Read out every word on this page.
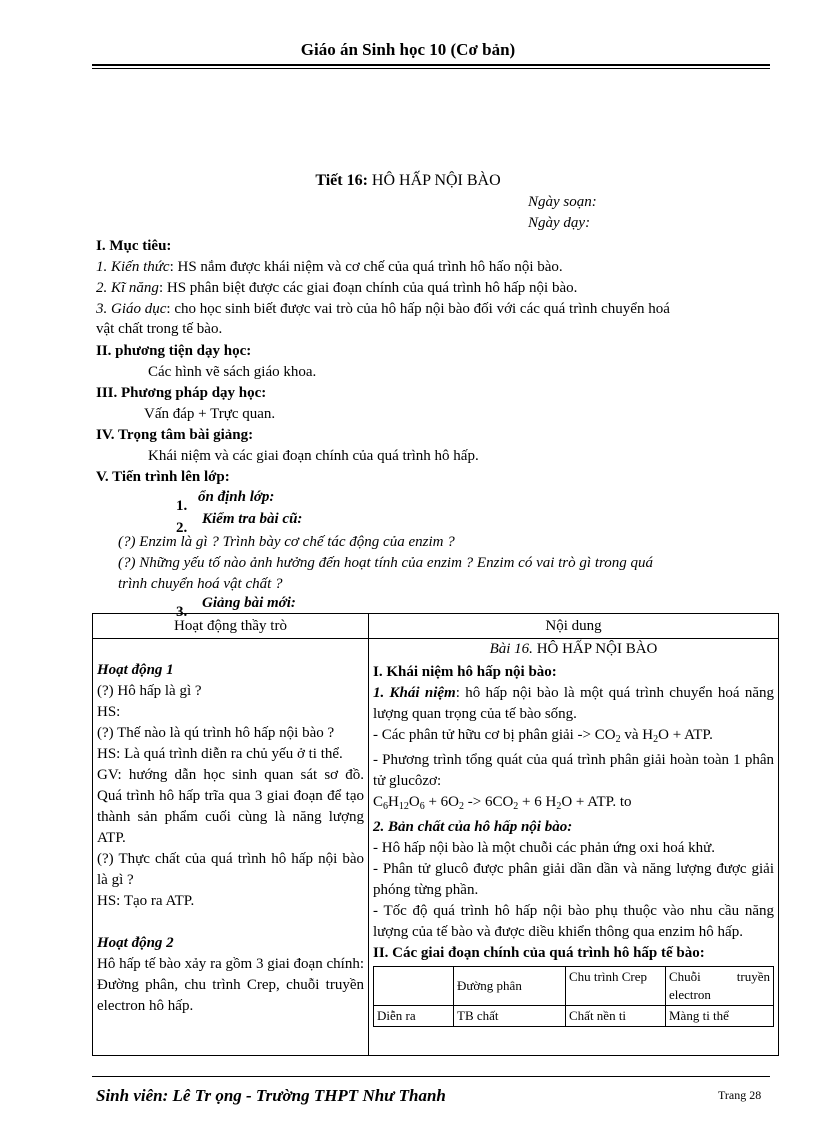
Giáo án Sinh học 10 (Cơ bản)
Tiết 16: HÔ HẤP NỘI BÀO
Ngày soạn:
Ngày dạy:
I. Mục tiêu:
1. Kiến thức: HS nắm được khái niệm và cơ chế của quá trình hô hấo nội bào.
2. Kĩ năng: HS phân biệt được các giai đoạn chính của quá trình hô hấp nội bào.
3. Giáo dục: cho học sinh biết được vai trò của hô hấp nội bào đối với các quá trình chuyển hoá
vật chất trong tế bào.
II. phương tiện dạy học:
Các hình vẽ sách giáo khoa.
III. Phương pháp dạy học:
Vấn đáp + Trực quan.
IV. Trọng tâm bài giảng:
Khái niệm và các giai đoạn chính của quá trình hô hấp.
V. Tiến trình lên lớp:
1.
ổn định lớp:
2.
Kiểm tra bài cũ:
(?) Enzim là gì ? Trình bày cơ chế tác động của enzim ?
(?) Những yếu tố nào ảnh hưởng đến hoạt tính của enzim ? Enzim có vai trò gì trong quá
trình chuyển hoá vật chất ?
3.
Giảng bài mới:
Hoạt động thầy trò	Nội dung

Hoạt động 1
(?) Hô hấp là gì ?
HS:
(?) Thế nào là qú trình hô hấp nội bào ?
HS: Là quá trình diễn ra chủ yếu ở ti thể.
GV: hướng dẫn học sinh quan sát sơ đồ. Quá trình hô hấp trĩa qua 3 giai đoạn để tạo thành sản phẩm cuối cùng là năng lượng ATP.
(?) Thực chất của quá trình hô hấp nội bào là gì ?
HS: Tạo ra ATP.
Hoạt động 2
Hô hấp tế bào xảy ra gồm 3 giai đoạn chính: Đường phân, chu trình Crep, chuỗi truyền electron hô hấp.

Bài 16. HÔ HẤP NỘI BÀO
I. Khái niệm hô hấp nội bào:
1. Khái niệm: hô hấp nội bào là một quá trình chuyển hoá năng lượng quan trọng của tế bào sống.
- Các phân tử hữu cơ bị phân giải -> $CO_2$ và $H_2O$ + ATP.
- Phương trình tổng quát của quá trình phân giải hoàn toàn 1 phân tử glucôzơ:
$C_6H_{12}O_6 + 6O_2 -> 6CO_2 + 6$ $H_2O$ + ATP. to
2. Bản chất của hô hấp nội bào:
- Hô hấp nội bào là một chuỗi các phản ứng oxi hoá khử.
- Phân tử glucô được phân giải dần dần và năng lượng được giải phóng từng phần.
- Tốc độ quá trình hô hấp nội bào phụ thuộc vào nhu cầu năng lượng của tế bào và được diều khiển thông qua enzim hô hấp.
II. Các giai đoạn chính của quá trình hô hấp tế bào:
	Đường phân	Chu trình Crep	Chuỗi truyền electron
Diễn ra	TB chất	Chất nền ti	Màng ti thể
Sinh viên: Lê Tr ọng - Trường THPT Như Thanh	Trang 28
